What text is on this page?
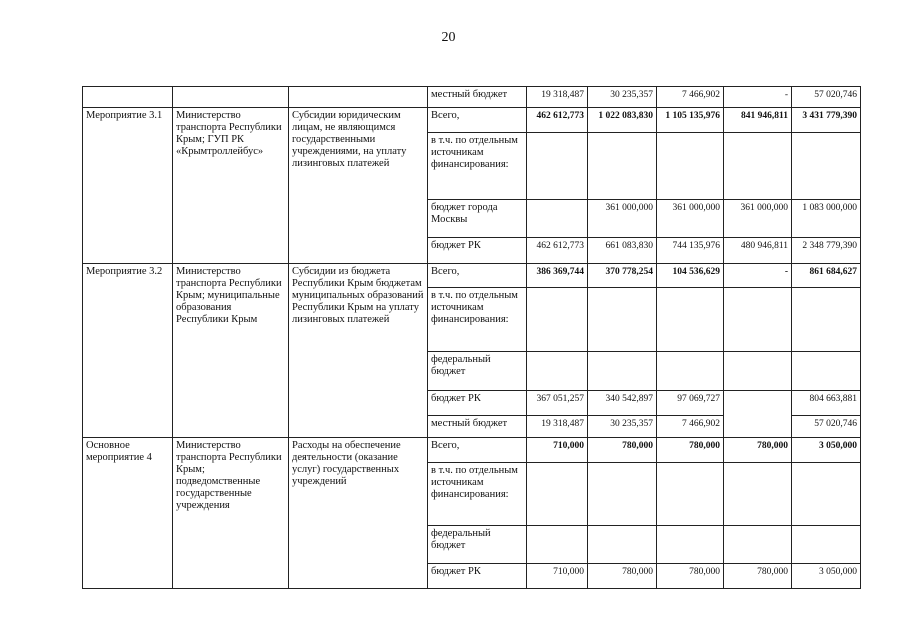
20
			местный бюджет	19 318,487	30 235,357	7 466,902	-	57 020,746
Мероприятие 3.1	Министерство транспорта Республики Крым; ГУП РК «Крымтроллейбус»	Субсидии юридическим лицам, не являющимся государственными учреждениями, на уплату лизинговых платежей	Всего,	462 612,773	1 022 083,830	1 105 135,976	841 946,811	3 431 779,390
			в т.ч. по отдельным источникам финансирования:					
			бюджет города Москвы		361 000,000	361 000,000	361 000,000	1 083 000,000
			бюджет РК	462 612,773	661 083,830	744 135,976	480 946,811	2 348 779,390
Мероприятие 3.2	Министерство транспорта Республики Крым; муниципальные образования Республики Крым	Субсидии из бюджета Республики Крым бюджетам муниципальных образований Республики Крым на уплату лизинговых платежей	Всего,	386 369,744	370 778,254	104 536,629	-	861 684,627
			в т.ч. по отдельным источникам финансирования:					
			федеральный бюджет					
			бюджет РК	367 051,257	340 542,897	97 069,727		804 663,881
			местный бюджет	19 318,487	30 235,357	7 466,902		57 020,746
Основное мероприятие 4	Министерство транспорта Республики Крым; подведомственные государственные учреждения	Расходы на обеспечение деятельности (оказание услуг) государственных учреждений	Всего,	710,000	780,000	780,000	780,000	3 050,000
			в т.ч. по отдельным источникам финансирования:					
			федеральный бюджет					
			бюджет РК	710,000	780,000	780,000	780,000	3 050,000
